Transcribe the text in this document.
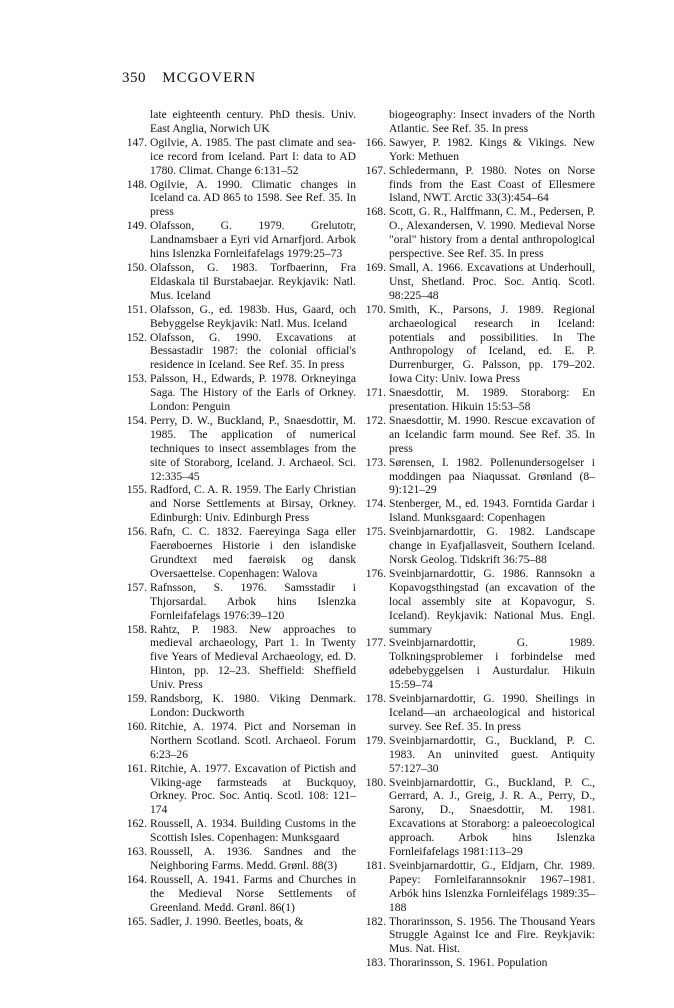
350 MCGOVERN
late eighteenth century. PhD thesis. Univ. East Anglia, Norwich UK
147. Ogilvie, A. 1985. The past climate and sea-ice record from Iceland. Part I: data to AD 1780. Climat. Change 6:131–52
148. Ogilvie, A. 1990. Climatic changes in Iceland ca. AD 865 to 1598. See Ref. 35. In press
149. Olafsson, G. 1979. Grelutotr, Landnamsbaer a Eyri vid Arnarfjord. Arbok hins Islenzka Fornleifafelags 1979:25–73
150. Olafsson, G. 1983. Torfbaerinn, Fra Eldaskala til Burstabaejar. Reykjavik: Natl. Mus. Iceland
151. Olafsson, G., ed. 1983b. Hus, Gaard, och Bebyggelse Reykjavik: Natl. Mus. Iceland
152. Olafsson, G. 1990. Excavations at Bessastadir 1987: the colonial official's residence in Iceland. See Ref. 35. In press
153. Palsson, H., Edwards, P. 1978. Orkneyinga Saga. The History of the Earls of Orkney. London: Penguin
154. Perry, D. W., Buckland, P., Snaesdottir, M. 1985. The application of numerical techniques to insect assemblages from the site of Storaborg, Iceland. J. Archaeol. Sci. 12:335–45
155. Radford, C. A. R. 1959. The Early Christian and Norse Settlements at Birsay, Orkney. Edinburgh: Univ. Edinburgh Press
156. Rafn, C. C. 1832. Faereyinga Saga eller Faerøboernes Historie i den islandiske Grundtext med faerøisk og dansk Oversaettelse. Copenhagen: Walova
157. Rafnsson, S. 1976. Samsstadir i Thjorsardal. Arbok hins Islenzka Fornleifafelags 1976:39–120
158. Rahtz, P. 1983. New approaches to medieval archaeology, Part 1. In Twenty five Years of Medieval Archaeology, ed. D. Hinton, pp. 12–23. Sheffield: Sheffield Univ. Press
159. Randsborg, K. 1980. Viking Denmark. London: Duckworth
160. Ritchie, A. 1974. Pict and Norseman in Northern Scotland. Scotl. Archaeol. Forum 6:23–26
161. Ritchie, A. 1977. Excavation of Pictish and Viking-age farmsteads at Buckquoy, Orkney. Proc. Soc. Antiq. Scotl. 108: 121–174
162. Roussell, A. 1934. Building Customs in the Scottish Isles. Copenhagen: Munksgaard
163. Roussell, A. 1936. Sandnes and the Neighboring Farms. Medd. Grønl. 88(3)
164. Roussell, A. 1941. Farms and Churches in the Medieval Norse Settlements of Greenland. Medd. Grønl. 86(1)
165. Sadler, J. 1990. Beetles, boats, &
biogeography: Insect invaders of the North Atlantic. See Ref. 35. In press
166. Sawyer, P. 1982. Kings & Vikings. New York: Methuen
167. Schledermann, P. 1980. Notes on Norse finds from the East Coast of Ellesmere Island, NWT. Arctic 33(3):454–64
168. Scott, G. R., Halffmann, C. M., Pedersen, P. O., Alexandersen, V. 1990. Medieval Norse "oral" history from a dental anthropological perspective. See Ref. 35. In press
169. Small, A. 1966. Excavations at Underhoull, Unst, Shetland. Proc. Soc. Antiq. Scotl. 98:225–48
170. Smith, K., Parsons, J. 1989. Regional archaeological research in Iceland: potentials and possibilities. In The Anthropology of Iceland, ed. E. P. Durrenburger, G. Palsson, pp. 179–202. Iowa City: Univ. Iowa Press
171. Snaesdottir, M. 1989. Storaborg: En presentation. Hikuin 15:53–58
172. Snaesdottir, M. 1990. Rescue excavation of an Icelandic farm mound. See Ref. 35. In press
173. Sørensen, I. 1982. Pollenundersogelser i moddingen paa Niaqussat. Grønland (8–9):121–29
174. Stenberger, M., ed. 1943. Forntida Gardar i Island. Munksgaard: Copenhagen
175. Sveinbjarnardottir, G. 1982. Landscape change in Eyafjallasveit, Southern Iceland. Norsk Geolog. Tidskrift 36:75–88
176. Sveinbjarnardottir, G. 1986. Rannsokn a Kopavogsthingstad (an excavation of the local assembly site at Kopavogur, S. Iceland). Reykjavik: National Mus. Engl. summary
177. Sveinbjarnardottir, G. 1989. Tolkningsproblemer i forbindelse med ødebebyggelsen i Austurdalur. Hikuin 15:59–74
178. Sveinbjarnardottir, G. 1990. Sheilings in Iceland—an archaeological and historical survey. See Ref. 35. In press
179. Sveinbjarnardottir, G., Buckland, P. C. 1983. An uninvited guest. Antiquity 57:127–30
180. Sveinbjarnardottir, G., Buckland, P. C., Gerrard, A. J., Greig, J. R. A., Perry, D., Sarony, D., Snaesdottir, M. 1981. Excavations at Storaborg: a paleoecological approach. Arbok hins Islenzka Fornleifafelags 1981:113–29
181. Sveinbjarnardottir, G., Eldjarn, Chr. 1989. Papey: Fornleifarannsoknir 1967–1981. Arbók hins Islenzka Fornleifélags 1989:35–188
182. Thorarinsson, S. 1956. The Thousand Years Struggle Against Ice and Fire. Reykjavik: Mus. Nat. Hist.
183. Thorarinsson, S. 1961. Population
